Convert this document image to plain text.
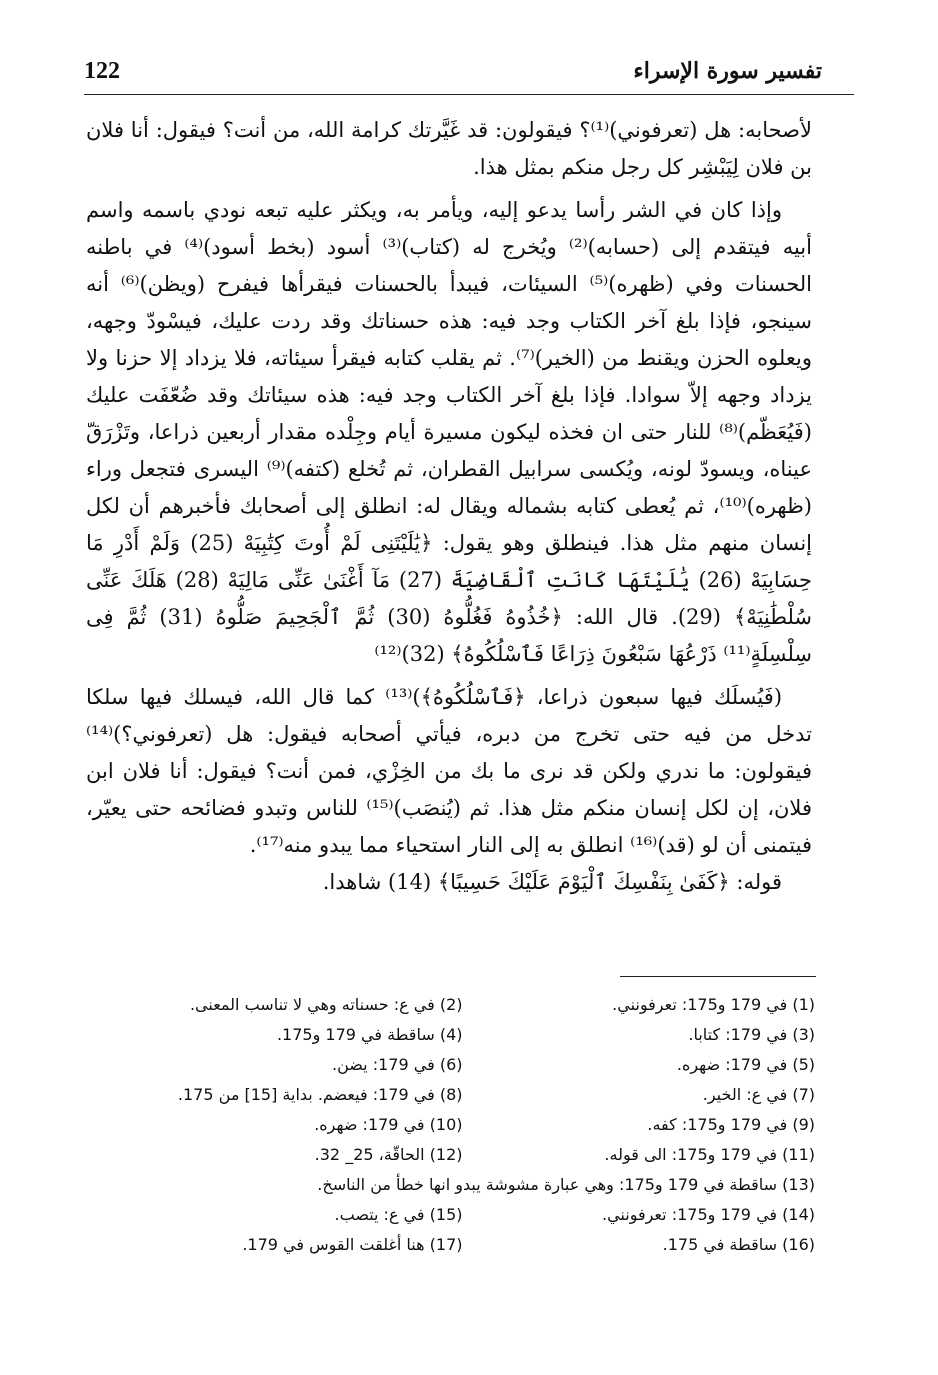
122	تفسير سورة الإسراء

لأصحابه: هل (تعرفوني)⁽¹⁾؟ فيقولون: قد غَيَّرتك كرامة الله، من أنت؟ فيقول: أنا فلان بن فلان لِيَبْشِر كل رجل منكم بمثل هذا.

وإذا كان في الشر رأسا يدعو إليه، ويأمر به، ويكثر عليه تبعه نودي باسمه واسم أبيه فيتقدم إلى (حسابه)⁽²⁾ ويُخرج له (كتاب)⁽³⁾ أسود (بخط أسود)⁽⁴⁾ في باطنه الحسنات وفي (ظهره)⁽⁵⁾ السيئات، فيبدأ بالحسنات فيقرأها فيفرح (ويظن)⁽⁶⁾ أنه سينجو، فإذا بلغ آخر الكتاب وجد فيه: هذه حسناتك وقد ردت عليك، فيسْودّ وجهه، ويعلوه الحزن ويقنط من (الخير)⁽⁷⁾. ثم يقلب كتابه فيقرأ سيئاته، فلا يزداد إلا حزنا ولا يزداد وجهه إلاّ سوادا. فإذا بلغ آخر الكتاب وجد فيه: هذه سيئاتك وقد ضُعّفَت عليك (فَيُعَظّم)⁽⁸⁾ للنار حتى ان فخذه ليكون مسيرة أيام وجِلْده مقدار أربعين ذراعا، وتَزْرَقّ عيناه، ويسودّ لونه، ويُكسى سرابيل القطران، ثم تُخلع (كتفه)⁽⁹⁾ اليسرى فتجعل وراء (ظهره)⁽¹⁰⁾، ثم يُعطى كتابه بشماله ويقال له: انطلق إلى أصحابك فأخبرهم أن لكل إنسان منهم مثل هذا. فينطلق وهو يقول: ﴿يَٰلَيْتَنِى لَمْ أُوتَ كِتَٰبِيَهْ (25) وَلَمْ أَدْرِ مَا حِسَابِيَهْ (26) يَٰلَيْتَهَا كَانَتِ ٱلْقَاضِيَةَ (27) مَآ أَغْنَىٰ عَنِّى مَالِيَهْ (28) هَلَكَ عَنِّى سُلْطَٰنِيَهْ﴾ (29). قال الله: ﴿خُذُوهُ فَغُلُّوهُ (30) ثُمَّ ٱلْجَحِيمَ صَلُّوهُ (31) ثُمَّ فِى سِلْسِلَةٍ⁽¹¹⁾ ذَرْعُهَا سَبْعُونَ ذِرَاعًا فَٱسْلُكُوهُ﴾ (32)⁽¹²⁾

(فَيُسلَك فيها سبعون ذراعا، ﴿فَٱسْلُكُوهُ﴾)⁽¹³⁾ كما قال الله، فيسلك فيها سلكا تدخل من فيه حتى تخرج من دبره، فيأتي أصحابه فيقول: هل (تعرفوني؟)⁽¹⁴⁾ فيقولون: ما ندري ولكن قد نرى ما بك من الخِزْي، فمن أنت؟ فيقول: أنا فلان ابن فلان، إن لكل إنسان منكم مثل هذا. ثم (يُنصَب)⁽¹⁵⁾ للناس وتبدو فضائحه حتى يعيّر، فيتمنى أن لو (قد)⁽¹⁶⁾ انطلق به إلى النار استحياء مما يبدو منه⁽¹⁷⁾.

قوله: ﴿كَفَىٰ بِنَفْسِكَ ٱلْيَوْمَ عَلَيْكَ حَسِيبًا﴾ (14) شاهدا.

(1) في 179 و175: تعرفونني.
(2) في ع: حسناته وهي لا تناسب المعنى.
(3) في 179: كتابا.
(4) ساقطة في 179 و175.
(5) في 179: ضهره.
(6) في 179: يضن.
(7) في ع: الخير.
(8) في 179: فيعضم. بداية [15] من 175.
(9) في 179 و175: كفه.
(10) في 179: ضهره.
(11) في 179 و175: الى قوله.
(12) الحاقّة، 25_ 32.
(13) ساقطة في 179 و175: وهي عبارة مشوشة يبدو انها خطأ من الناسخ.
(14) في 179 و175: تعرفونني.
(15) في ع: يتصب.
(16) ساقطة في 175.
(17) هنا أغلقت القوس في 179.
